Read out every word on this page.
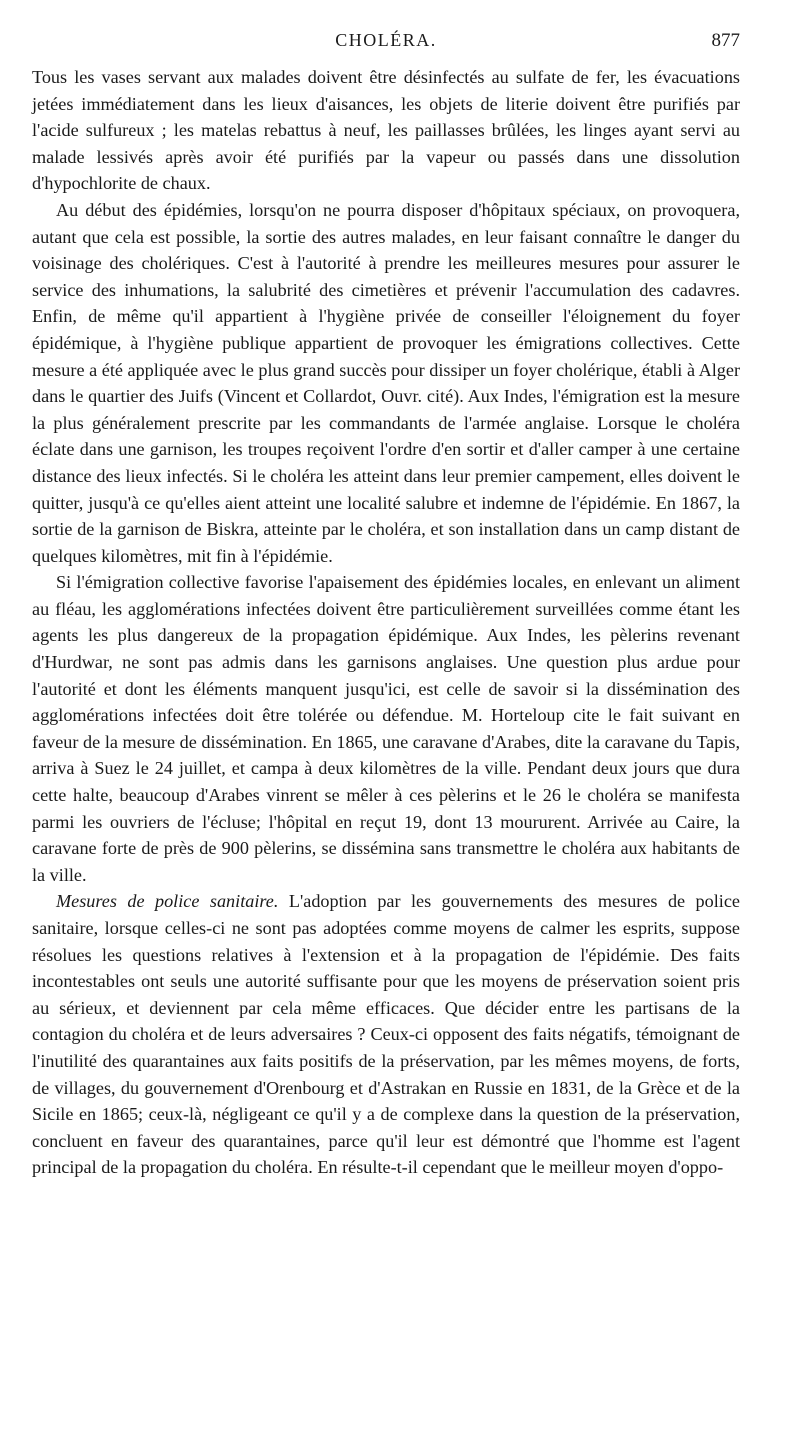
CHOLÉRA.	877

Tous les vases servant aux malades doivent être désinfectés au sulfate de fer, les évacuations jetées immédiatement dans les lieux d'aisances, les objets de literie doivent être purifiés par l'acide sulfureux ; les matelas rebattus à neuf, les paillasses brûlées, les linges ayant servi au malade lessivés après avoir été purifiés par la vapeur ou passés dans une dissolution d'hypochlorite de chaux.

Au début des épidémies, lorsqu'on ne pourra disposer d'hôpitaux spéciaux, on provoquera, autant que cela est possible, la sortie des autres malades, en leur faisant connaître le danger du voisinage des cholériques. C'est à l'autorité à prendre les meilleures mesures pour assurer le service des inhumations, la salubrité des cimetières et prévenir l'accumulation des cadavres. Enfin, de même qu'il appartient à l'hygiène privée de conseiller l'éloignement du foyer épidémique, à l'hygiène publique appartient de provoquer les émigrations collectives. Cette mesure a été appliquée avec le plus grand succès pour dissiper un foyer cholérique, établi à Alger dans le quartier des Juifs (Vincent et Collardot, Ouvr. cité). Aux Indes, l'émigration est la mesure la plus généralement prescrite par les commandants de l'armée anglaise. Lorsque le choléra éclate dans une garnison, les troupes reçoivent l'ordre d'en sortir et d'aller camper à une certaine distance des lieux infectés. Si le choléra les atteint dans leur premier campement, elles doivent le quitter, jusqu'à ce qu'elles aient atteint une localité salubre et indemne de l'épidémie. En 1867, la sortie de la garnison de Biskra, atteinte par le choléra, et son installation dans un camp distant de quelques kilomètres, mit fin à l'épidémie.

Si l'émigration collective favorise l'apaisement des épidémies locales, en enlevant un aliment au fléau, les agglomérations infectées doivent être particulièrement surveillées comme étant les agents les plus dangereux de la propagation épidémique. Aux Indes, les pèlerins revenant d'Hurdwar, ne sont pas admis dans les garnisons anglaises. Une question plus ardue pour l'autorité et dont les éléments manquent jusqu'ici, est celle de savoir si la dissémination des agglomérations infectées doit être tolérée ou défendue. M. Horteloup cite le fait suivant en faveur de la mesure de dissémination. En 1865, une caravane d'Arabes, dite la caravane du Tapis, arriva à Suez le 24 juillet, et campa à deux kilomètres de la ville. Pendant deux jours que dura cette halte, beaucoup d'Arabes vinrent se mêler à ces pèlerins et le 26 le choléra se manifesta parmi les ouvriers de l'écluse; l'hôpital en reçut 19, dont 13 moururent. Arrivée au Caire, la caravane forte de près de 900 pèlerins, se dissémina sans transmettre le choléra aux habitants de la ville.

Mesures de police sanitaire. L'adoption par les gouvernements des mesures de police sanitaire, lorsque celles-ci ne sont pas adoptées comme moyens de calmer les esprits, suppose résolues les questions relatives à l'extension et à la propagation de l'épidémie. Des faits incontestables ont seuls une autorité suffisante pour que les moyens de préservation soient pris au sérieux, et deviennent par cela même efficaces. Que décider entre les partisans de la contagion du choléra et de leurs adversaires ? Ceux-ci opposent des faits négatifs, témoignant de l'inutilité des quarantaines aux faits positifs de la préservation, par les mêmes moyens, de forts, de villages, du gouvernement d'Orenbourg et d'Astrakan en Russie en 1831, de la Grèce et de la Sicile en 1865; ceux-là, négligeant ce qu'il y a de complexe dans la question de la préservation, concluent en faveur des quarantaines, parce qu'il leur est démontré que l'homme est l'agent principal de la propagation du choléra. En résulte-t-il cependant que le meilleur moyen d'oppo-
